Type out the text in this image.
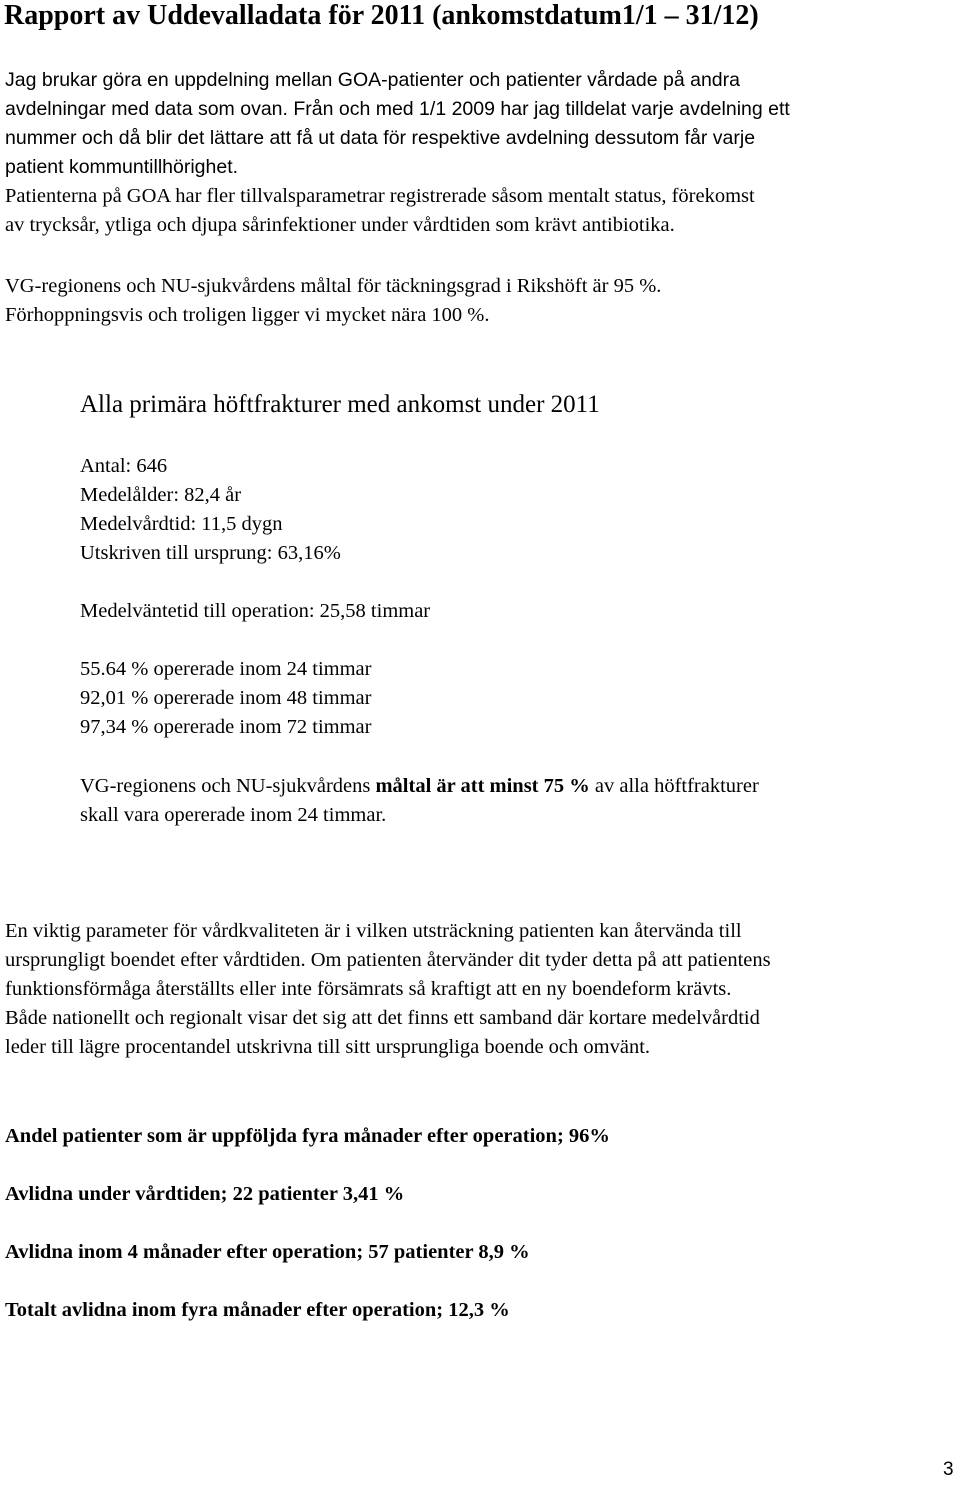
Rapport av Uddevalladata för 2011 (ankomstdatum1/1 – 31/12)

Jag brukar göra en uppdelning mellan GOA-patienter och patienter vårdade på andra

avdelningar med data som ovan. Från och med 1/1 2009 har jag tilldelat varje avdelning ett

nummer och då blir det lättare att få ut data för respektive avdelning dessutom får varje

patient kommuntillhörighet.

Patienterna på GOA har fler tillvalsparametrar registrerade såsom mentalt status, förekomst

av trycksår, ytliga och djupa sårinfektioner under vårdtiden som krävt antibiotika.

VG-regionens och NU-sjukvårdens måltal för täckningsgrad i Rikshöft är 95 %.

Förhoppningsvis och troligen ligger vi mycket nära 100 %.

Alla primära höftfrakturer med ankomst under 2011

Antal: 646

Medelålder: 82,4 år

Medelvårdtid: 11,5 dygn

Utskriven till ursprung: 63,16%

Medelväntetid till operation: 25,58 timmar

55.64 % opererade inom 24 timmar

92,01 % opererade inom 48 timmar

97,34 % opererade inom 72 timmar

VG-regionens och NU-sjukvårdens måltal är att minst 75 % av alla höftfrakturer

skall vara opererade inom 24 timmar.

En viktig parameter för vårdkvaliteten är i vilken utsträckning patienten kan återvända till

ursprungligt boendet efter vårdtiden. Om patienten återvänder dit tyder detta på att patientens

funktionsförmåga återställts eller inte försämrats så kraftigt att en ny boendeform krävts.

Både nationellt och regionalt visar det sig att det finns ett samband där kortare medelvårdtid

leder till lägre procentandel utskrivna till sitt ursprungliga boende och omvänt.

Andel patienter som är uppföljda fyra månader efter operation; 96%

Avlidna under vårdtiden; 22 patienter 3,41 %

Avlidna inom 4 månader efter operation; 57 patienter 8,9 %

Totalt avlidna inom fyra månader efter operation; 12,3 %

3
